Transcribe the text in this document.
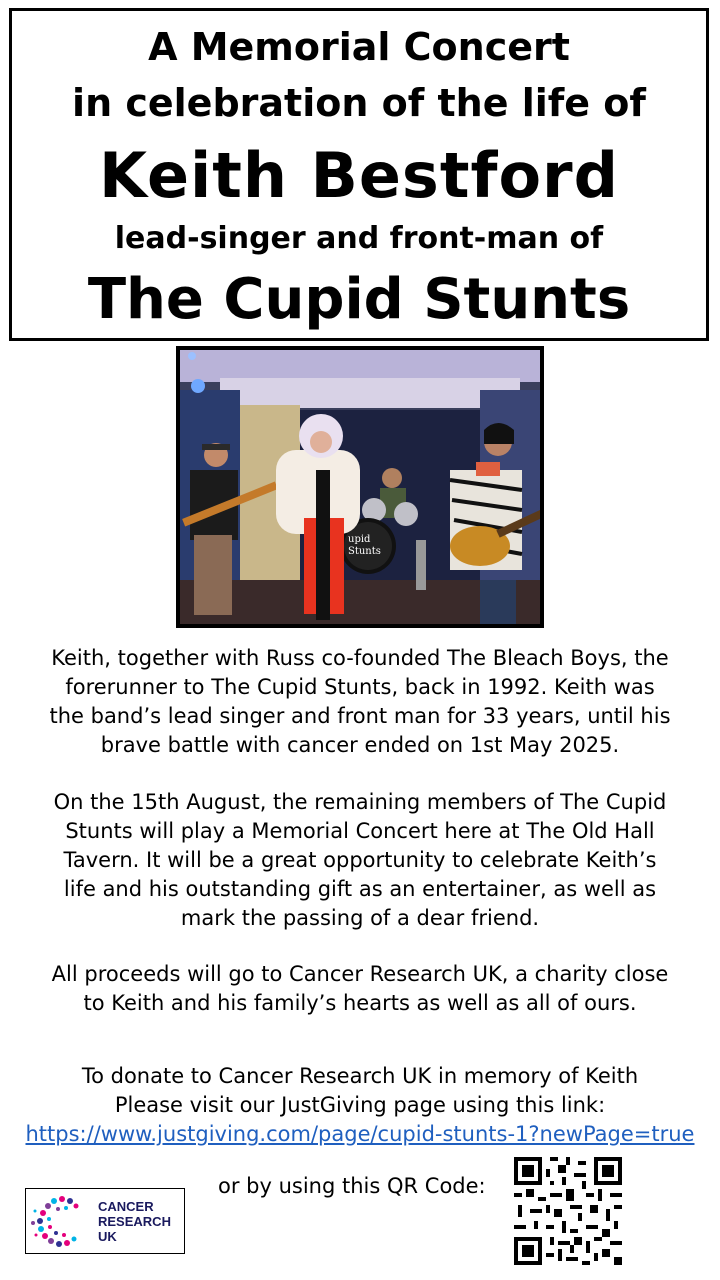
A Memorial Concert
in celebration of the life of
Keith Bestford
lead-singer and front-man of
The Cupid Stunts
upid
Stunts
Keith, together with Russ co-founded The Bleach Boys, the
forerunner to The Cupid Stunts, back in 1992. Keith was
the band’s lead singer and front man for 33 years, until his
brave battle with cancer ended on 1st May 2025.
On the 15th August, the remaining members of The Cupid
Stunts will play a Memorial Concert here at The Old Hall
Tavern. It will be a great opportunity to celebrate Keith’s
life and his outstanding gift as an entertainer, as well as
mark the passing of a dear friend.
All proceeds will go to Cancer Research UK, a charity close
to Keith and his family’s hearts as well as all of ours.
To donate to Cancer Research UK in memory of Keith
Please visit our JustGiving page using this link:
https://www.justgiving.com/page/cupid-stunts-1?newPage=true
CANCER
RESEARCH
UK
or by using this QR Code:
